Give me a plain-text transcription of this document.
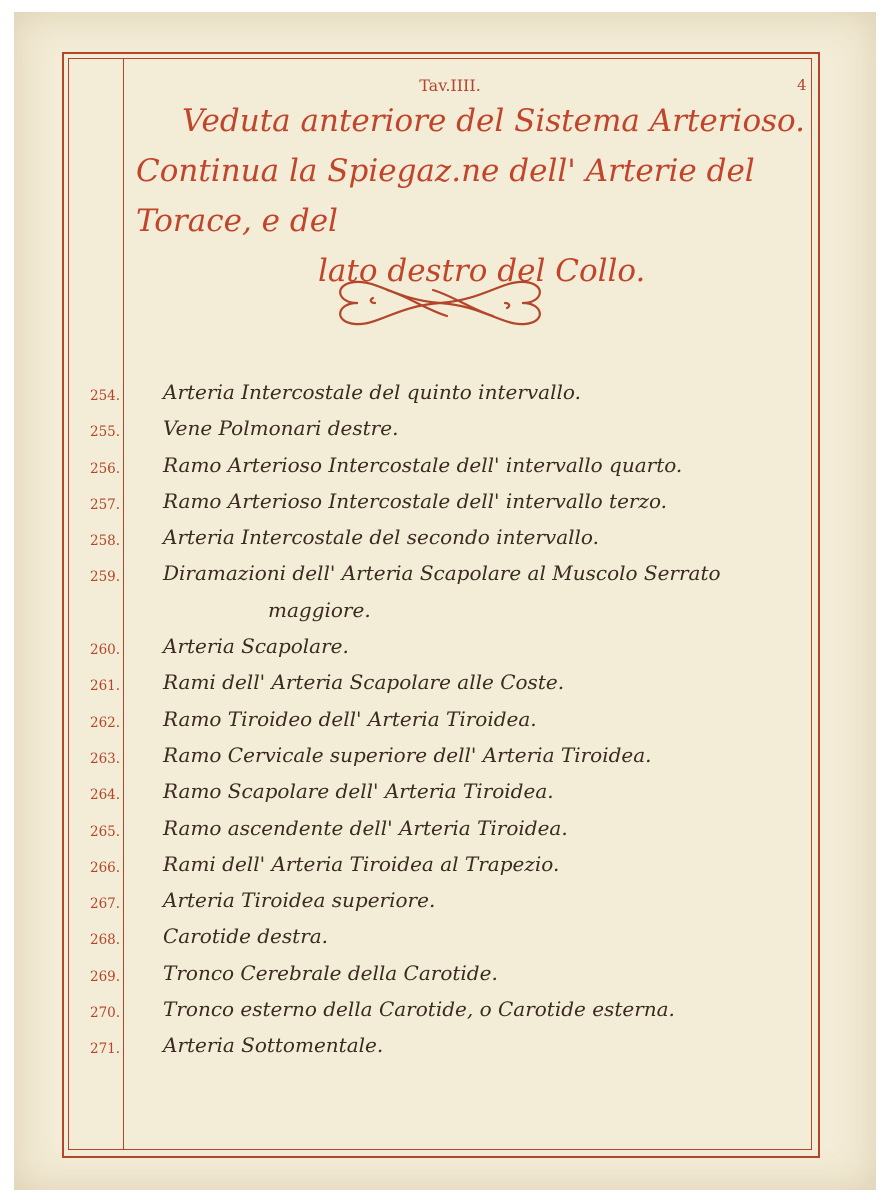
Tav.IIII.	4
Veduta anteriore del Sistema Arterioso.
Continua la Spiegaz.ne dell' Arterie del Torace, e del
lato destro del Collo.
254.	Arteria Intercostale del quinto intervallo.
255.	Vene Polmonari destre.
256.	Ramo Arterioso Intercostale dell' intervallo quarto.
257.	Ramo Arterioso Intercostale dell' intervallo terzo.
258.	Arteria Intercostale del secondo intervallo.
259.	Diramazioni dell' Arteria Scapolare al Muscolo Serrato
maggiore.
260.	Arteria Scapolare.
261.	Rami dell' Arteria Scapolare alle Coste.
262.	Ramo Tiroideo dell' Arteria Tiroidea.
263.	Ramo Cervicale superiore dell' Arteria Tiroidea.
264.	Ramo Scapolare dell' Arteria Tiroidea.
265.	Ramo ascendente dell' Arteria Tiroidea.
266.	Rami dell' Arteria Tiroidea al Trapezio.
267.	Arteria Tiroidea superiore.
268.	Carotide destra.
269.	Tronco Cerebrale della Carotide.
270.	Tronco esterno della Carotide, o Carotide esterna.
271.	Arteria Sottomentale.
